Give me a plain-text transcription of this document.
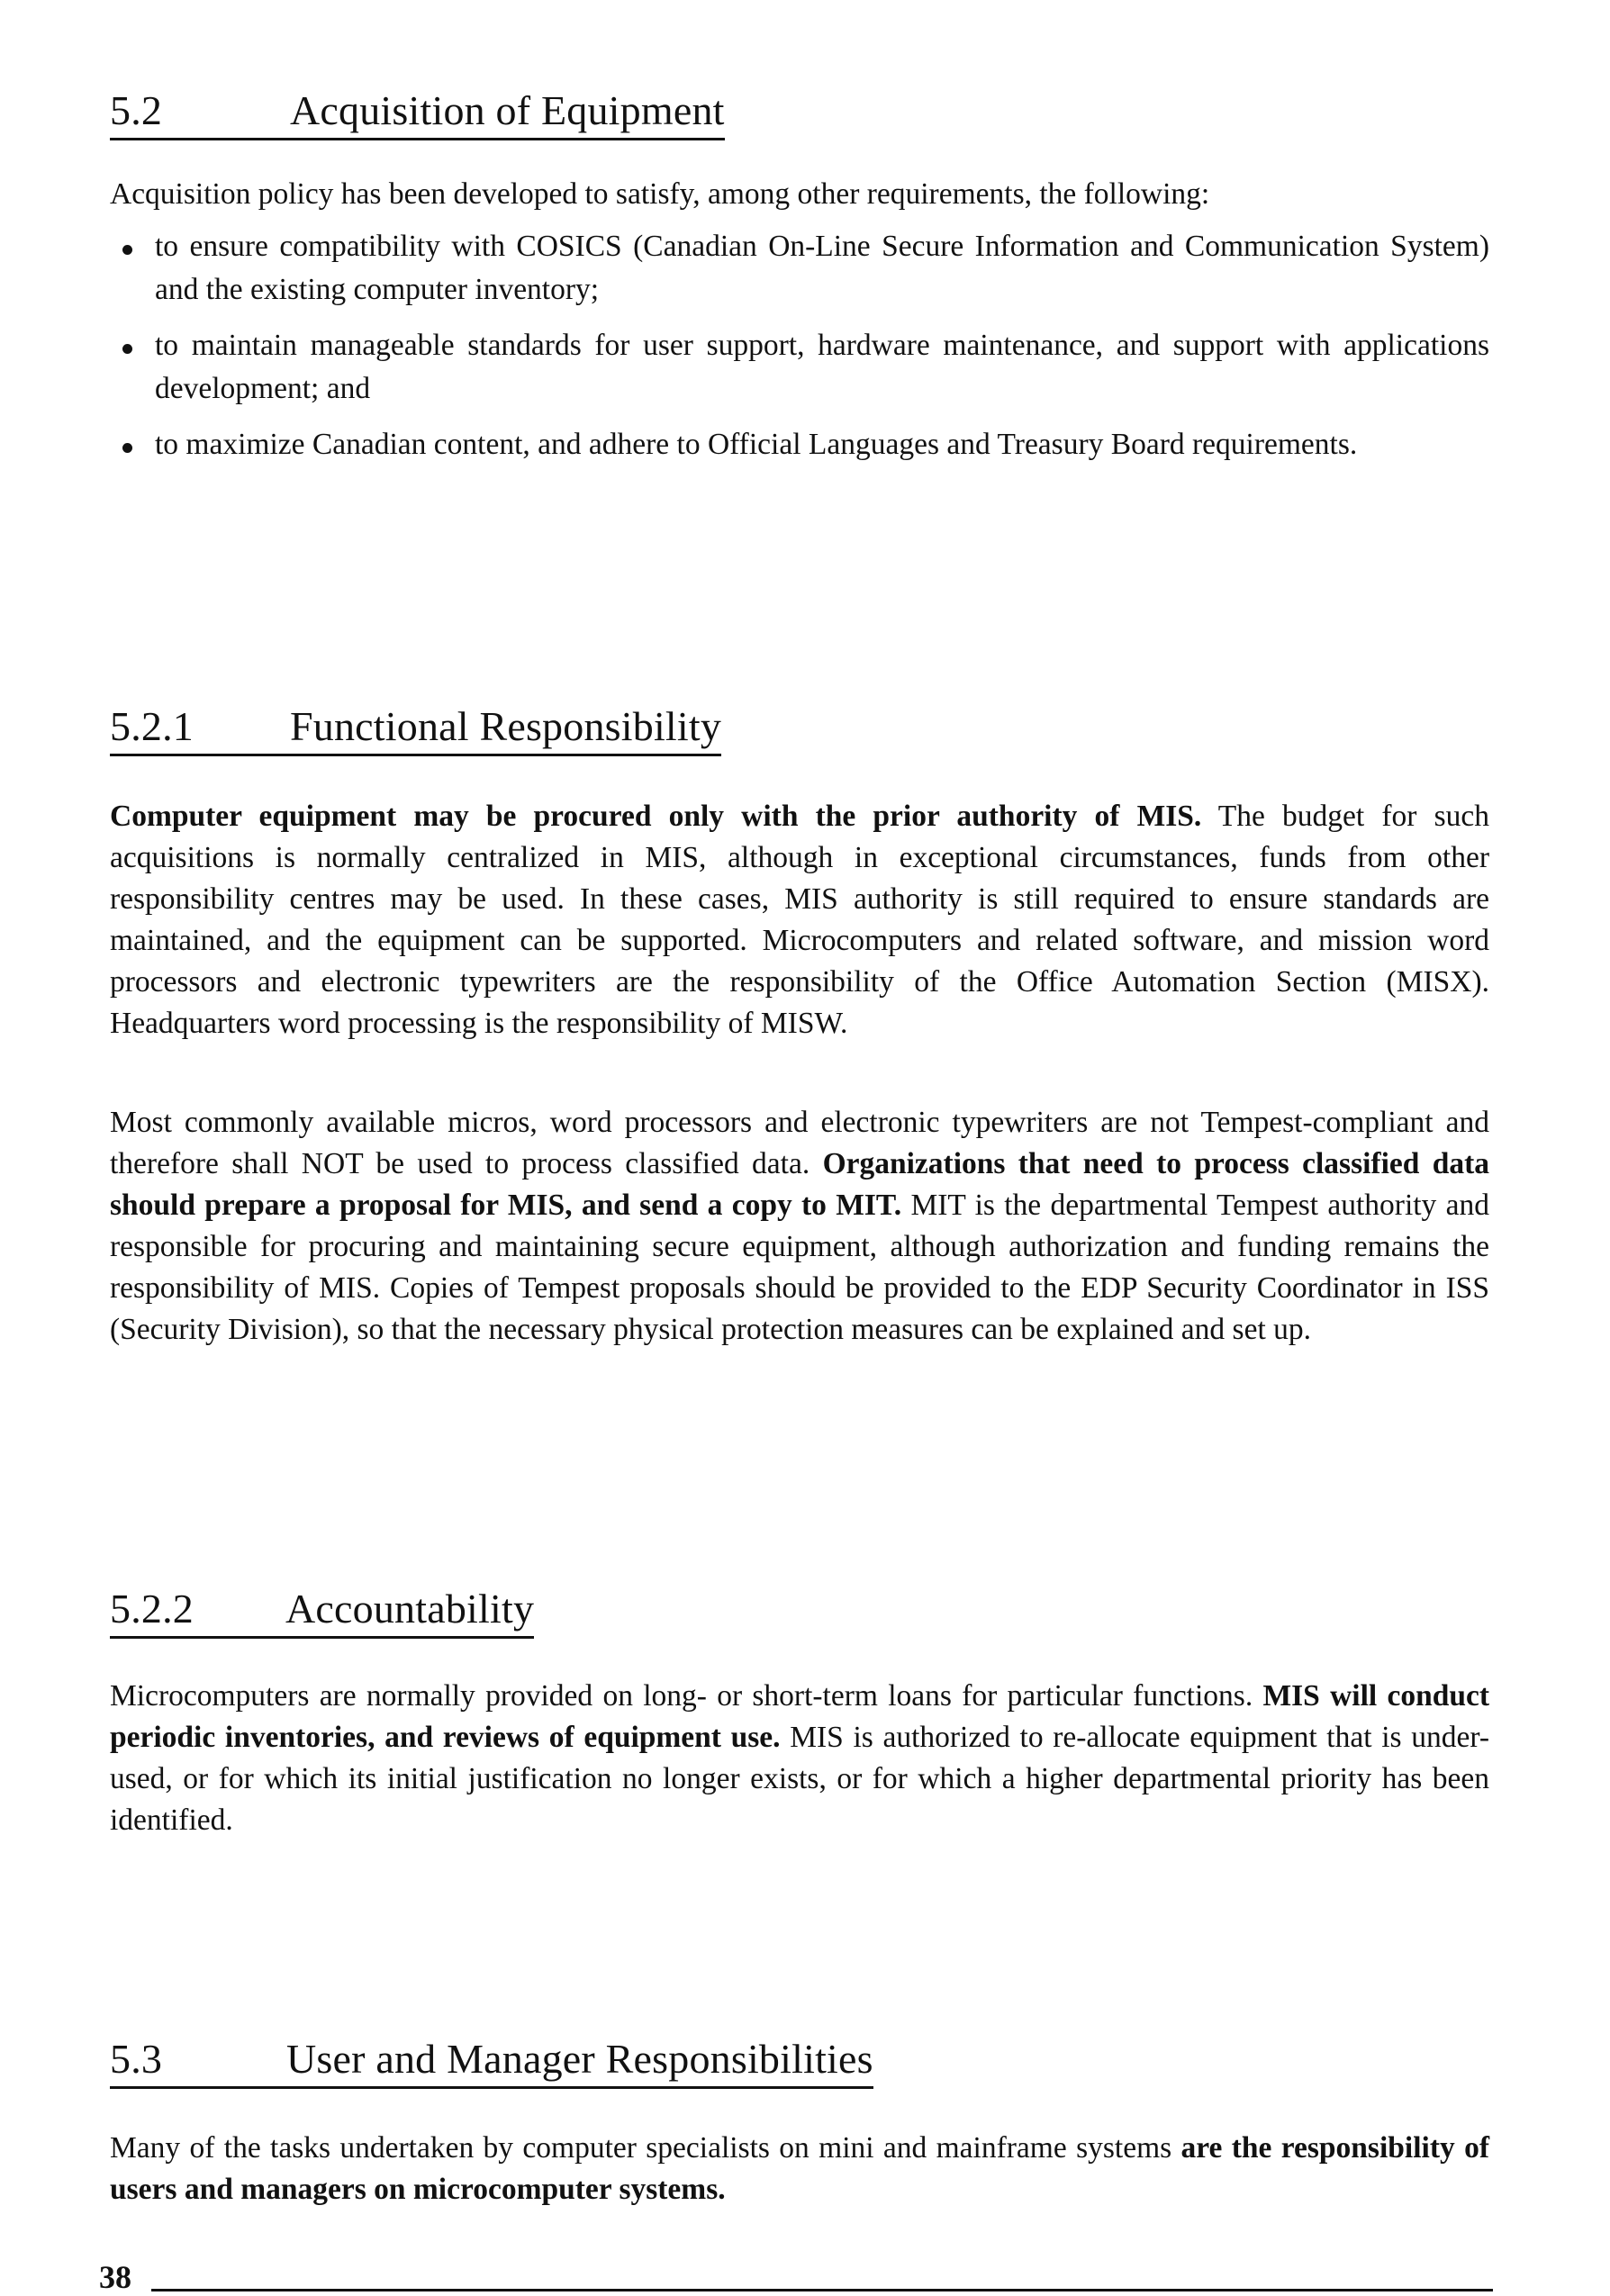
5.2	Acquisition of Equipment

Acquisition policy has been developed to satisfy, among other requirements, the following:

to ensure compatibility with COSICS (Canadian On-Line Secure Information and Communication System) and the existing computer inventory;
to maintain manageable standards for user support, hardware maintenance, and support with applications development; and
to maximize Canadian content, and adhere to Official Languages and Treasury Board requirements.
5.2.1 Functional Responsibility

Computer equipment may be procured only with the prior authority of MIS. The budget for such acquisitions is normally centralized in MIS, although in exceptional circumstances, funds from other responsibility centres may be used. In these cases, MIS authority is still required to ensure standards are maintained, and the equipment can be supported. Microcomputers and related software, and mission word processors and electronic typewriters are the responsibility of the Office Automation Section (MISX). Headquarters word processing is the responsibility of MISW.

Most commonly available micros, word processors and electronic typewriters are not Tempest-compliant and therefore shall NOT be used to process classified data. Organizations that need to process classified data should prepare a proposal for MIS, and send a copy to MIT. MIT is the departmental Tempest authority and responsible for procuring and maintaining secure equipment, although authorization and funding remains the responsibility of MIS. Copies of Tempest proposals should be provided to the EDP Security Coordinator in ISS (Security Division), so that the necessary physical protection measures can be explained and set up.

5.2.2 Accountability

Microcomputers are normally provided on long- or short-term loans for particular functions. MIS will conduct periodic inventories, and reviews of equipment use. MIS is authorized to re-allocate equipment that is under-used, or for which its initial justification no longer exists, or for which a higher departmental priority has been identified.

5.3	User and Manager Responsibilities

Many of the tasks undertaken by computer specialists on mini and mainframe systems are the responsibility of users and managers on microcomputer systems.

38
